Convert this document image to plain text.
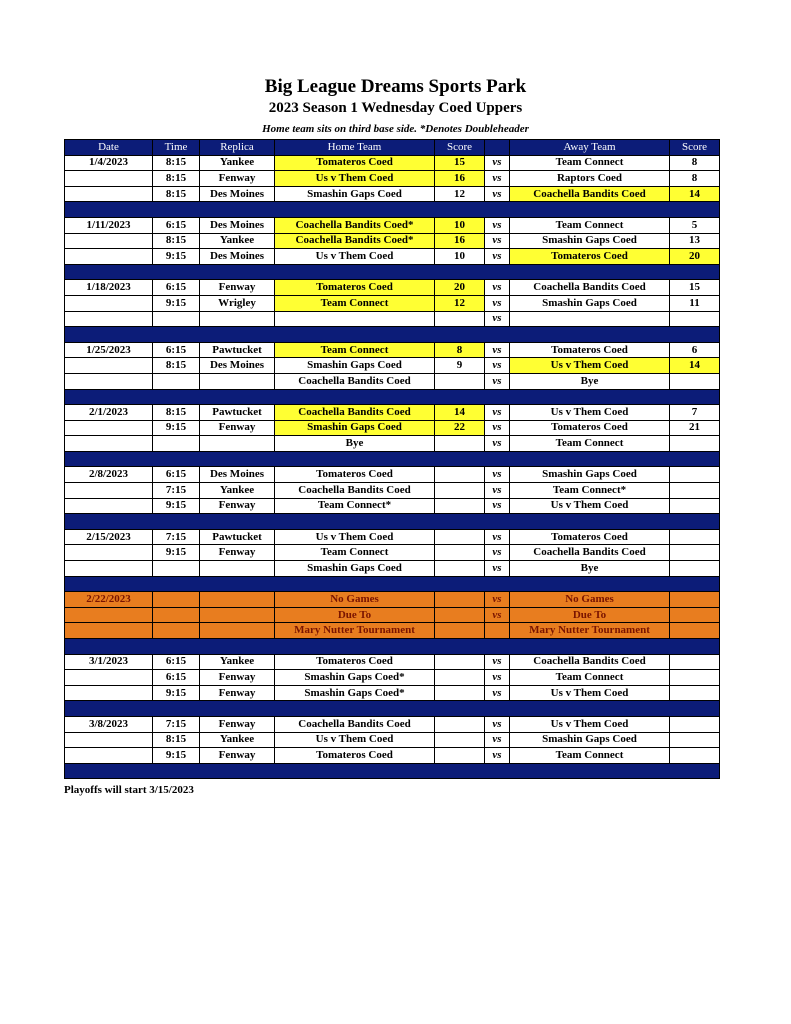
Big League Dreams Sports Park
2023 Season 1 Wednesday Coed Uppers
Home team sits on third base side. *Denotes Doubleheader
Date	Time	Replica	Home Team	Score		Away Team	Score
1/4/2023	8:15	Yankee	Tomateros Coed	15	vs	Team Connect	8
	8:15	Fenway	Us v Them Coed	16	vs	Raptors Coed	8
	8:15	Des Moines	Smashin Gaps Coed	12	vs	Coachella Bandits Coed	14

1/11/2023	6:15	Des Moines	Coachella Bandits Coed*	10	vs	Team Connect	5
	8:15	Yankee	Coachella Bandits Coed*	16	vs	Smashin Gaps Coed	13
	9:15	Des Moines	Us v Them Coed	10	vs	Tomateros Coed	20

1/18/2023	6:15	Fenway	Tomateros Coed	20	vs	Coachella Bandits Coed	15
	9:15	Wrigley	Team Connect	12	vs	Smashin Gaps Coed	11
					vs		

1/25/2023	6:15	Pawtucket	Team Connect	8	vs	Tomateros Coed	6
	8:15	Des Moines	Smashin Gaps Coed	9	vs	Us v Them Coed	14
			Coachella Bandits Coed		vs	Bye	

2/1/2023	8:15	Pawtucket	Coachella Bandits Coed	14	vs	Us v Them Coed	7
	9:15	Fenway	Smashin Gaps Coed	22	vs	Tomateros Coed	21
			Bye		vs	Team Connect	

2/8/2023	6:15	Des Moines	Tomateros Coed		vs	Smashin Gaps Coed	
	7:15	Yankee	Coachella Bandits Coed		vs	Team Connect*	
	9:15	Fenway	Team Connect*		vs	Us v Them Coed	

2/15/2023	7:15	Pawtucket	Us v Them Coed		vs	Tomateros Coed	
	9:15	Fenway	Team Connect		vs	Coachella Bandits Coed	
			Smashin Gaps Coed		vs	Bye	

2/22/2023			No Games		vs	No Games	
			Due To		vs	Due To	
			Mary Nutter Tournament			Mary Nutter Tournament	

3/1/2023	6:15	Yankee	Tomateros Coed		vs	Coachella Bandits Coed	
	6:15	Fenway	Smashin Gaps Coed*		vs	Team Connect	
	9:15	Fenway	Smashin Gaps Coed*		vs	Us v Them Coed	

3/8/2023	7:15	Fenway	Coachella Bandits Coed		vs	Us v Them Coed	
	8:15	Yankee	Us v Them Coed		vs	Smashin Gaps Coed	
	9:15	Fenway	Tomateros Coed		vs	Team Connect	

Playoffs will start 3/15/2023
